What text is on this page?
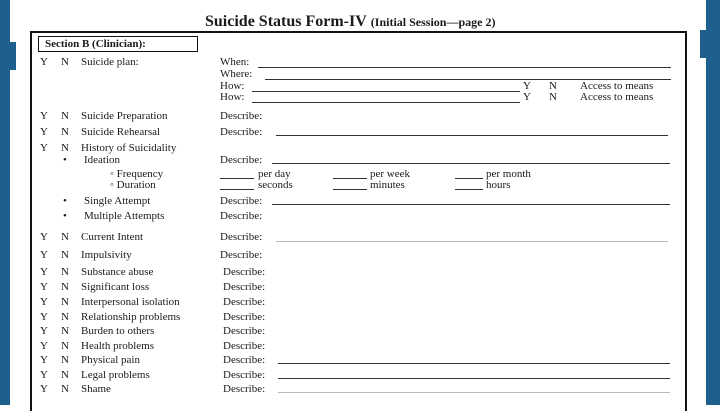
Suicide Status Form-IV (Initial Session—page 2)
Section B (Clinician):
Y N Suicide plan:	When:
Where:
How:	Y N Access to means
How:	Y N Access to means
Y N Suicide Preparation	Describe:
Y N Suicide Rehearsal	Describe:
Y N History of Suicidality
• Ideation	Describe:
◦ Frequency	per day	per week	per month
◦ Duration	seconds	minutes	hours
• Single Attempt	Describe:
• Multiple Attempts	Describe:
Y N Current Intent	Describe:
Y N Impulsivity	Describe:
Y N Substance abuse	Describe:
Y N Significant loss	Describe:
Y N Interpersonal isolation	Describe:
Y N Relationship problems	Describe:
Y N Burden to others	Describe:
Y N Health problems	Describe:
Y N Physical pain	Describe:
Y N Legal problems	Describe:
Y N Shame	Describe:
